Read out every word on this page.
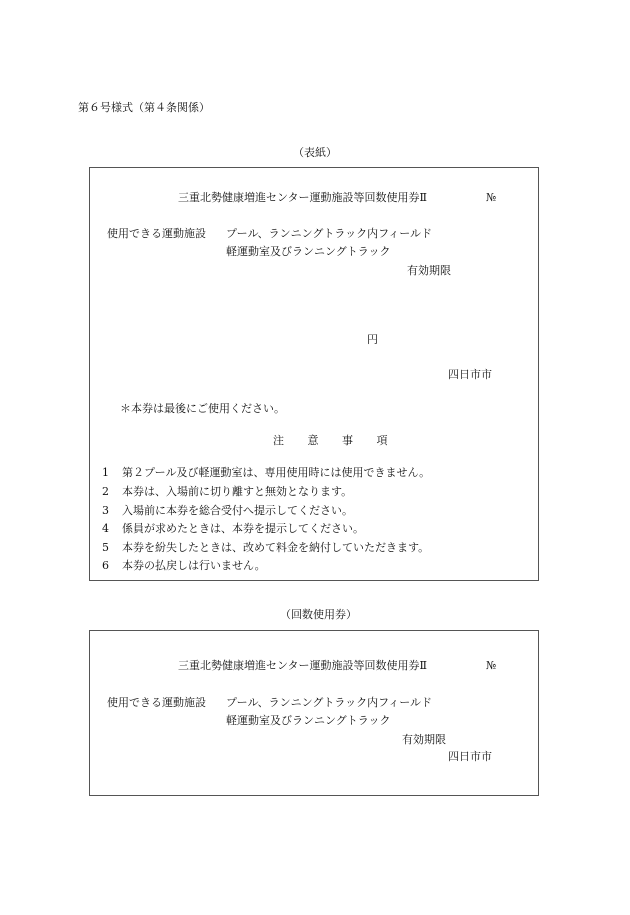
第６号様式（第４条関係）
（表紙）
三重北勢健康増進センター運動施設等回数使用券Ⅱ	№
使用できる運動施設 プール、ランニングトラック内フィールド
軽運動室及びランニングトラック
有効期限
円
四日市市
＊本券は最後にご使用ください。
注 意 事 項
1 第２プール及び軽運動室は、専用使用時には使用できません。
2 本券は、入場前に切り離すと無効となります。
3 入場前に本券を総合受付へ提示してください。
4 係員が求めたときは、本券を提示してください。
5 本券を紛失したときは、改めて料金を納付していただきます。
6 本券の払戻しは行いません。
（回数使用券）
三重北勢健康増進センター運動施設等回数使用券Ⅱ	№
使用できる運動施設 プール、ランニングトラック内フィールド
軽運動室及びランニングトラック
有効期限
四日市市
